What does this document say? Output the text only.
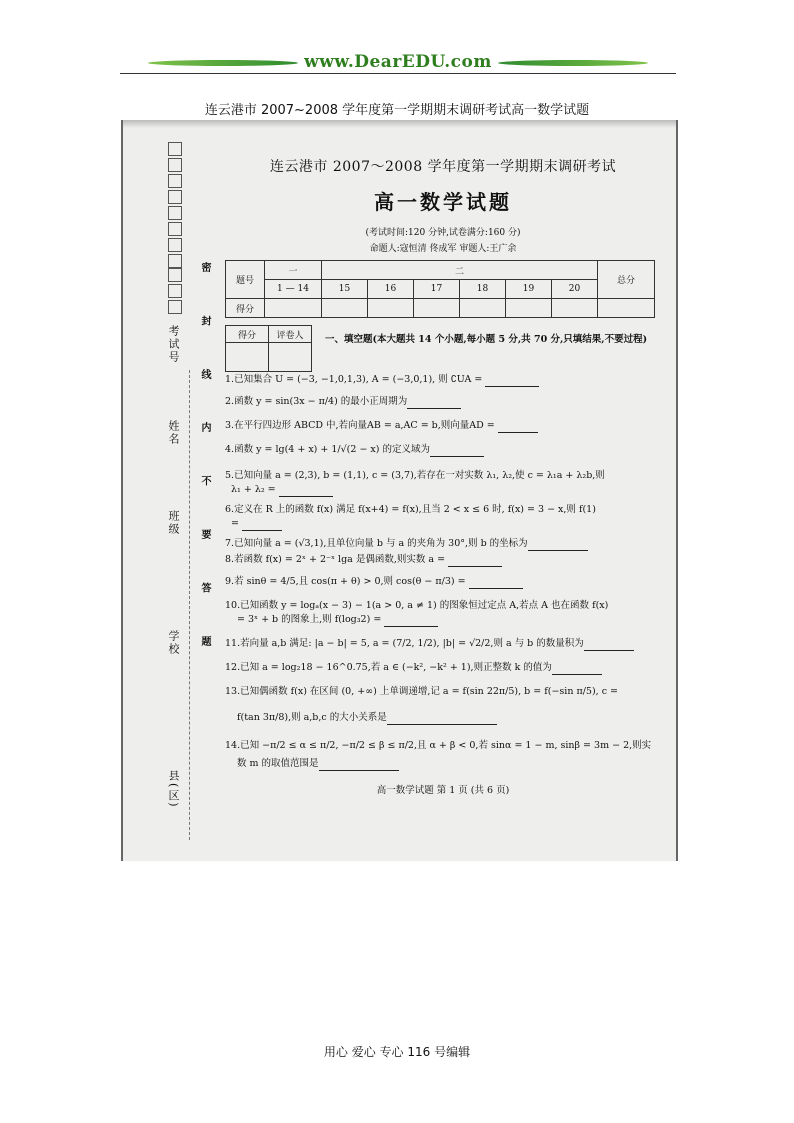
www.DearEDU.com
连云港市 2007~2008 学年度第一学期期末调研考试高一数学试题
考试号
姓名
班级
学校
县(区)
密 封 线 内 不 要 答 题
连云港市 2007～2008 学年度第一学期期末调研考试
高一数学试题
(考试时间:120 分钟,试卷满分:160 分)
命题人:寇恒清 佟成军 审题人:王广余
题号	一	二						总分
	1 — 14	15	16	17	18	19	20	
得分								
得分	评卷人
	一、填空题(本大题共 14 个小题,每小题 5 分,共 70 分,只填结果,不要过程)
1.已知集合 U = (−3, −1,0,1,3), A = (−3,0,1), 则 ∁UA =
2.函数 y = sin(3x − π/4) 的最小正周期为
3.在平行四边形 ABCD 中,若向量AB = a,AC = b,则向量AD =
4.函数 y = lg(4 + x) + 1/√(2 − x) 的定义域为
5.已知向量 a = (2,3), b = (1,1), c = (3,7),若存在一对实数 λ₁, λ₂,使 c = λ₁a + λ₂b,则
λ₁ + λ₂ =
6.定义在 R 上的函数 f(x) 满足 f(x+4) = f(x),且当 2 < x ≤ 6 时, f(x) = 3 − x,则 f(1)
=
7.已知向量 a = (√3,1),且单位向量 b 与 a 的夹角为 30°,则 b 的坐标为
8.若函数 f(x) = 2ˣ + 2⁻ˣ lga 是偶函数,则实数 a =
9.若 sinθ = 4/5,且 cos(π + θ) > 0,则 cos(θ − π/3) =
10.已知函数 y = logₐ(x − 3) − 1(a > 0, a ≠ 1) 的图象恒过定点 A,若点 A 也在函数 f(x)
= 3ˣ + b 的图象上,则 f(log₃2) =
11.若向量 a,b 满足: |a − b| = 5, a = (7/2, 1/2), |b| = √2/2,则 a 与 b 的数量积为
12.已知 a = log₂18 − 16^0.75,若 a ∈ (−k², −k² + 1),则正整数 k 的值为
13.已知偶函数 f(x) 在区间 (0, +∞) 上单调递增,记 a = f(sin 22π/5), b = f(−sin π/5), c =
f(tan 3π/8),则 a,b,c 的大小关系是
14.已知 −π/2 ≤ α ≤ π/2, −π/2 ≤ β ≤ π/2,且 α + β < 0,若 sinα = 1 − m, sinβ = 3m − 2,则实
数 m 的取值范围是
高一数学试题 第 1 页 (共 6 页)
用心 爱心 专心 116 号编辑
